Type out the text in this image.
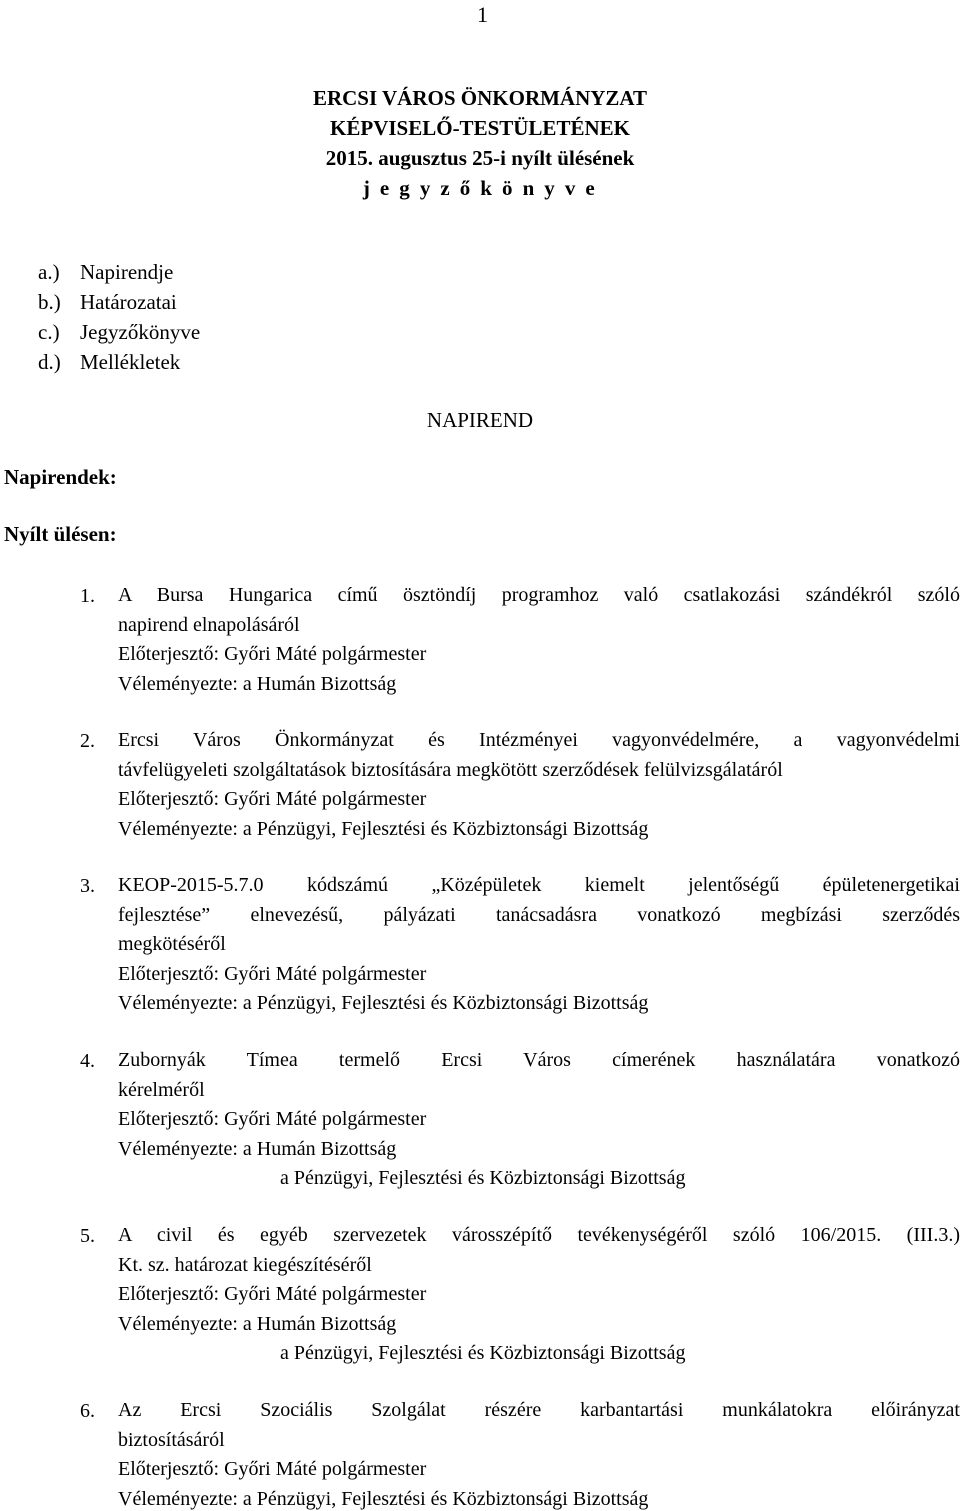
1
ERCSI VÁROS ÖNKORMÁNYZAT
KÉPVISELŐ-TESTÜLETÉNEK
2015. augusztus 25-i nyílt ülésének
j e g y z ő k ö n y v e
a.) Napirendje
b.) Határozatai
c.) Jegyzőkönyve
d.) Mellékletek
NAPIREND
Napirendek:
Nyílt ülésen:
1. A Bursa Hungarica című ösztöndíj programhoz való csatlakozási szándékról szóló
napirend elnapolásáról
Előterjesztő: Győri Máté polgármester
Véleményezte: a Humán Bizottság
2. Ercsi Város Önkormányzat és Intézményei vagyonvédelmére, a vagyonvédelmi
távfelügyeleti szolgáltatások biztosítására megkötött szerződések felülvizsgálatáról
Előterjesztő: Győri Máté polgármester
Véleményezte: a Pénzügyi, Fejlesztési és Közbiztonsági Bizottság
3. KEOP-2015-5.7.0 kódszámú „Középületek kiemelt jelentőségű épületenergetikai
fejlesztése” elnevezésű, pályázati tanácsadásra vonatkozó megbízási szerződés
megkötéséről
Előterjesztő: Győri Máté polgármester
Véleményezte: a Pénzügyi, Fejlesztési és Közbiztonsági Bizottság
4. Zubornyák Tímea termelő Ercsi Város címerének használatára vonatkozó
kérelméről
Előterjesztő: Győri Máté polgármester
Véleményezte: a Humán Bizottság
a Pénzügyi, Fejlesztési és Közbiztonsági Bizottság
5. A civil és egyéb szervezetek városszépítő tevékenységéről szóló 106/2015. (III.3.)
Kt. sz. határozat kiegészítéséről
Előterjesztő: Győri Máté polgármester
Véleményezte: a Humán Bizottság
a Pénzügyi, Fejlesztési és Közbiztonsági Bizottság
6. Az Ercsi Szociális Szolgálat részére karbantartási munkálatokra előirányzat
biztosításáról
Előterjesztő: Győri Máté polgármester
Véleményezte: a Pénzügyi, Fejlesztési és Közbiztonsági Bizottság
